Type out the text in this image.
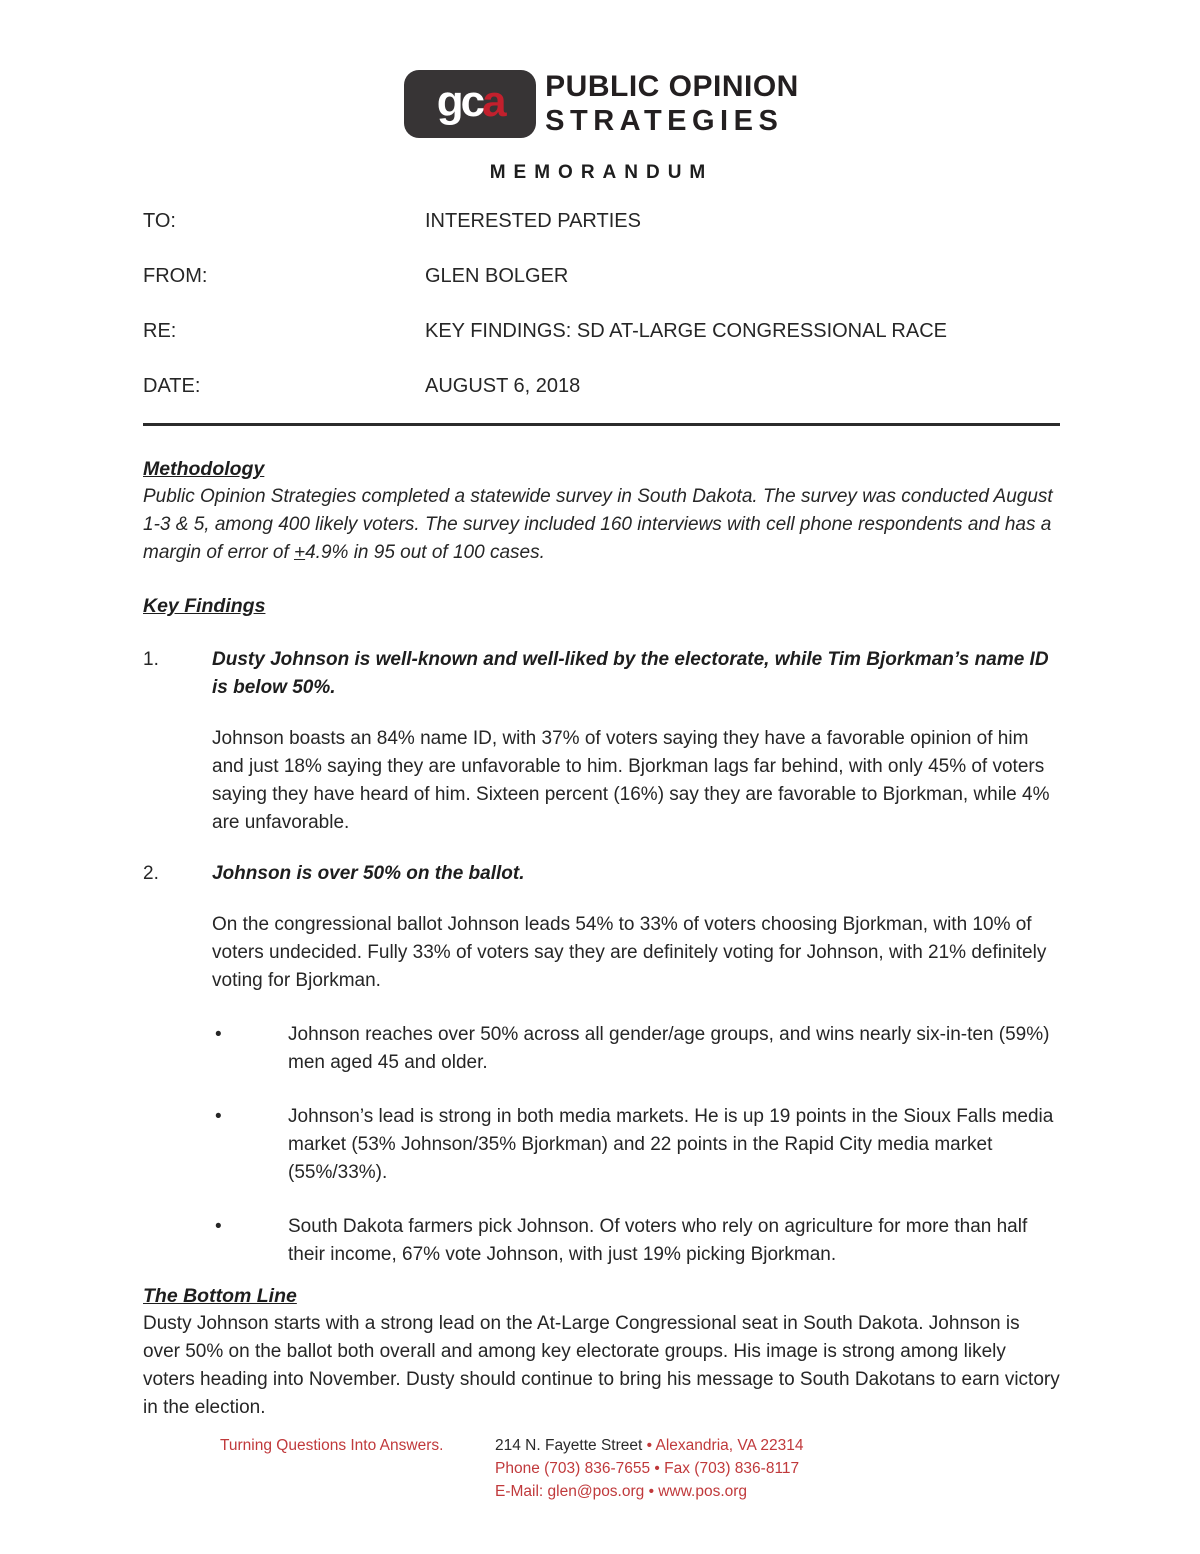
gca PUBLIC OPINION
STRATEGIES
MEMORANDUM
TO:	INTERESTED PARTIES
FROM:	GLEN BOLGER
RE:	KEY FINDINGS: SD AT-LARGE CONGRESSIONAL RACE
DATE:	AUGUST 6, 2018
Methodology
Public Opinion Strategies completed a statewide survey in South Dakota. The survey was conducted August 1-3 & 5, among 400 likely voters. The survey included 160 interviews with cell phone respondents and has a margin of error of +4.9% in 95 out of 100 cases.
Key Findings
1.	Dusty Johnson is well-known and well-liked by the electorate, while Tim Bjorkman’s name ID is below 50%.
Johnson boasts an 84% name ID, with 37% of voters saying they have a favorable opinion of him and just 18% saying they are unfavorable to him. Bjorkman lags far behind, with only 45% of voters saying they have heard of him. Sixteen percent (16%) say they are favorable to Bjorkman, while 4% are unfavorable.
2.	Johnson is over 50% on the ballot.
On the congressional ballot Johnson leads 54% to 33% of voters choosing Bjorkman, with 10% of voters undecided. Fully 33% of voters say they are definitely voting for Johnson, with 21% definitely voting for Bjorkman.
•	Johnson reaches over 50% across all gender/age groups, and wins nearly six-in-ten (59%) men aged 45 and older.
•	Johnson’s lead is strong in both media markets. He is up 19 points in the Sioux Falls media market (53% Johnson/35% Bjorkman) and 22 points in the Rapid City media market (55%/33%).
•	South Dakota farmers pick Johnson. Of voters who rely on agriculture for more than half their income, 67% vote Johnson, with just 19% picking Bjorkman.
The Bottom Line
Dusty Johnson starts with a strong lead on the At-Large Congressional seat in South Dakota. Johnson is over 50% on the ballot both overall and among key electorate groups. His image is strong among likely voters heading into November. Dusty should continue to bring his message to South Dakotans to earn victory in the election.
Turning Questions Into Answers.	214 N. Fayette Street • Alexandria, VA 22314
Phone (703) 836-7655 • Fax (703) 836-8117
E-Mail: glen@pos.org • www.pos.org
